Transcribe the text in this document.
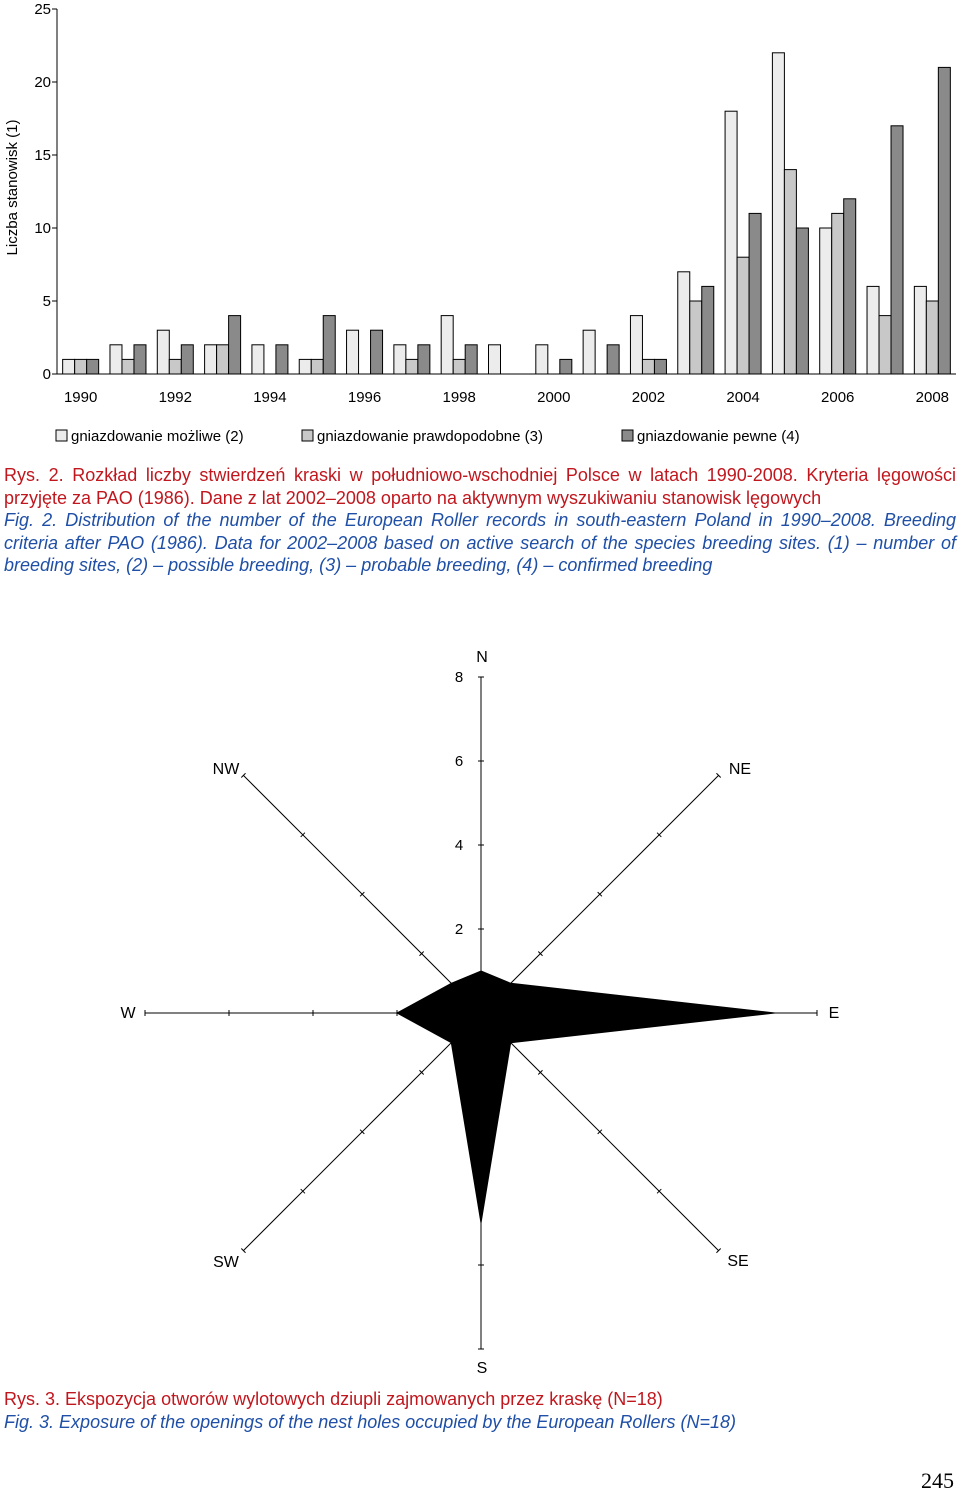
0
5
10
15
20
25
Liczba stanowisk (1)
1990	1992	1994	1996	1998	2000	2002	2004	2006	2008
gniazdowanie możliwe (2)	gniazdowanie prawdopodobne (3)	gniazdowanie pewne (4)
2
4
6
8
N
NE
E
SE
S
SW
W
NW
Rys. 2. Rozkład liczby stwierdzeń kraski w południowo-wschodniej Polsce w latach 1990-2008. Kryteria lęgowości przyjęte za PAO (1986). Dane z lat 2002–2008 oparto na aktywnym wyszukiwaniu stanowisk lęgowych
Fig. 2. Distribution of the number of the European Roller records in south-eastern Poland in 1990–2008. Breeding criteria after PAO (1986). Data for 2002–2008 based on active search of the species breeding sites. (1) – number of breeding sites, (2) – possible breeding, (3) – probable breeding, (4) – confirmed breeding
Rys. 3. Ekspozycja otworów wylotowych dziupli zajmowanych przez kraskę (N=18)
Fig. 3. Exposure of the openings of the nest holes occupied by the European Rollers (N=18)
245
